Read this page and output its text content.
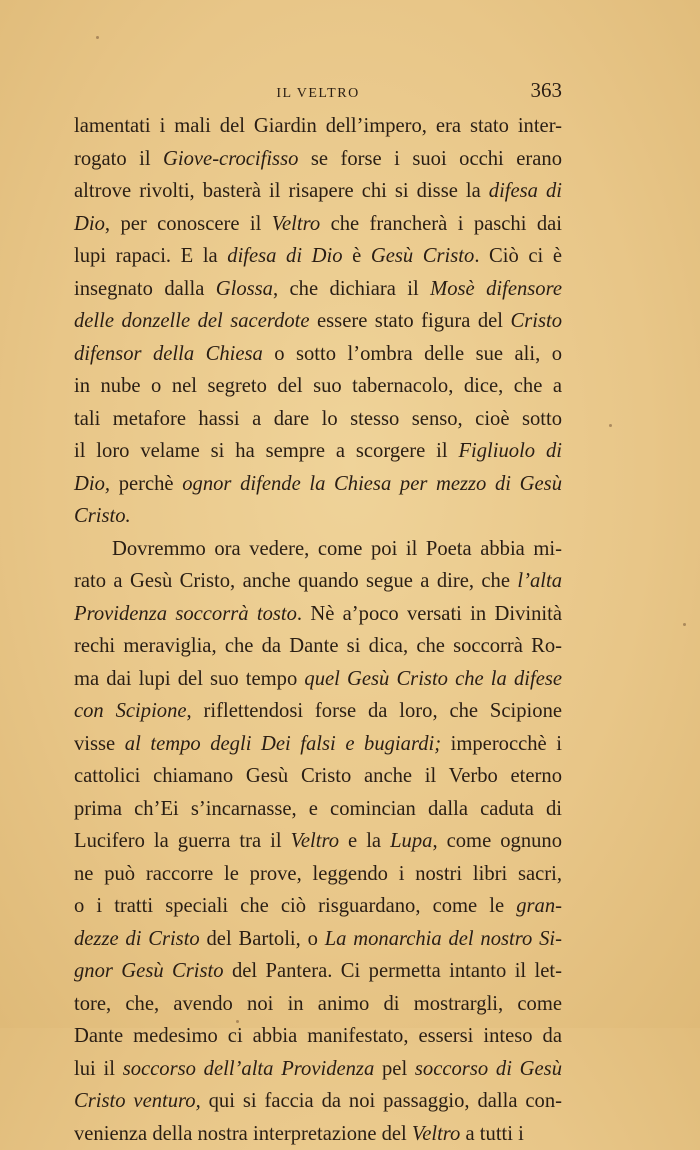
IL VELTRO	363
lamentati i mali del Giardin dell’impero, era stato inter-
rogato il Giove-crocifisso se forse i suoi occhi erano
altrove rivolti, basterà il risapere chi si disse la difesa di
Dio, per conoscere il Veltro che francherà i paschi dai
lupi rapaci. E la difesa di Dio è Gesù Cristo. Ciò ci è
insegnato dalla Glossa, che dichiara il Mosè difensore
delle donzelle del sacerdote essere stato figura del Cristo
difensor della Chiesa o sotto l’ombra delle sue ali, o
in nube o nel segreto del suo tabernacolo, dice, che a
tali metafore hassi a dare lo stesso senso, cioè sotto
il loro velame si ha sempre a scorgere il Figliuolo di
Dio, perchè ognor difende la Chiesa per mezzo di Gesù
Cristo.
Dovremmo ora vedere, come poi il Poeta abbia mi-
rato a Gesù Cristo, anche quando segue a dire, che l’alta
Providenza soccorrà tosto. Nè a’poco versati in Divinità
rechi meraviglia, che da Dante si dica, che soccorrà Ro-
ma dai lupi del suo tempo quel Gesù Cristo che la difese
con Scipione, riflettendosi forse da loro, che Scipione
visse al tempo degli Dei falsi e bugiardi; imperocchè i
cattolici chiamano Gesù Cristo anche il Verbo eterno
prima ch’Ei s’incarnasse, e comincian dalla caduta di
Lucifero la guerra tra il Veltro e la Lupa, come ognuno
ne può raccorre le prove, leggendo i nostri libri sacri,
o i tratti speciali che ciò risguardano, come le gran-
dezze di Cristo del Bartoli, o La monarchia del nostro Si-
gnor Gesù Cristo del Pantera. Ci permetta intanto il let-
tore, che, avendo noi in animo di mostrargli, come
Dante medesimo ci abbia manifestato, essersi inteso da
lui il soccorso dell’alta Providenza pel soccorso di Gesù
Cristo venturo, qui si faccia da noi passaggio, dalla con-
venienza della nostra interpretazione del Veltro a tutti i
